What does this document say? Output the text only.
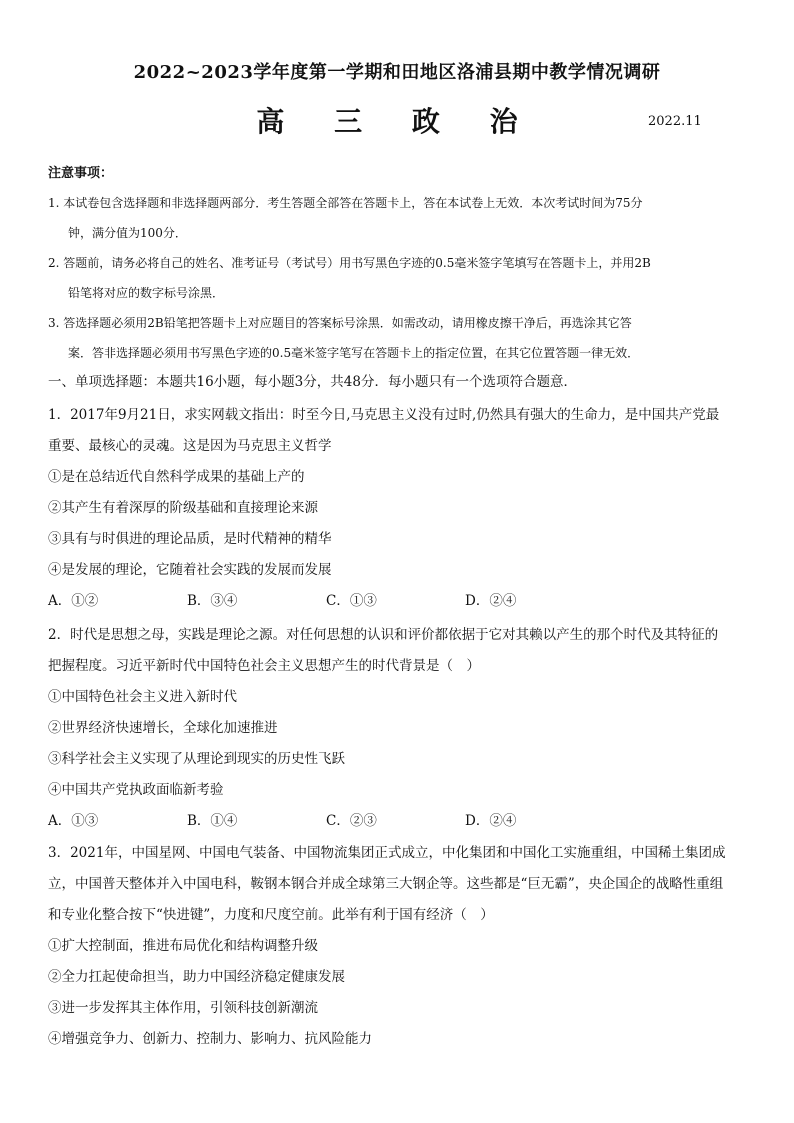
2022~2023学年度第一学期和田地区洛浦县期中教学情况调研
高 三 政 治	2022.11
注意事项：
1. 本试卷包含选择题和非选择题两部分．考生答题全部答在答题卡上，答在本试卷上无效．本次考试时间为75分
钟，满分值为100分．
2. 答题前，请务必将自己的姓名、准考证号（考试号）用书写黑色字迹的0.5毫米签字笔填写在答题卡上，并用2B
铅笔将对应的数字标号涂黑．
3. 答选择题必须用2B铅笔把答题卡上对应题目的答案标号涂黑．如需改动，请用橡皮擦干净后，再选涂其它答
案．答非选择题必须用书写黑色字迹的0.5毫米签字笔写在答题卡上的指定位置，在其它位置答题一律无效．
一、单项选择题：本题共16小题，每小题3分，共48分．每小题只有一个选项符合题意．
1．2017年9月21日，求实网载文指出：时至今日,马克思主义没有过时,仍然具有强大的生命力，是中国共产党最
重要、最核心的灵魂。这是因为马克思主义哲学
①是在总结近代自然科学成果的基础上产的
②其产生有着深厚的阶级基础和直接理论来源
③具有与时俱进的理论品质，是时代精神的精华
④是发展的理论，它随着社会实践的发展而发展
A．①②	B．③④	C．①③	D．②④
2．时代是思想之母，实践是理论之源。对任何思想的认识和评价都依据于它对其赖以产生的那个时代及其特征的
把握程度。习近平新时代中国特色社会主义思想产生的时代背景是（　）
①中国特色社会主义进入新时代
②世界经济快速增长，全球化加速推进
③科学社会主义实现了从理论到现实的历史性飞跃
④中国共产党执政面临新考验
A．①③	B．①④	C．②③	D．②④
3．2021年，中国星网、中国电气装备、中国物流集团正式成立，中化集团和中国化工实施重组，中国稀土集团成
立，中国普天整体并入中国电科，鞍钢本钢合并成全球第三大钢企等。这些都是“巨无霸”，央企国企的战略性重组
和专业化整合按下“快进键”，力度和尺度空前。此举有利于国有经济（　）
①扩大控制面，推进布局优化和结构调整升级
②全力扛起使命担当，助力中国经济稳定健康发展
③进一步发挥其主体作用，引领科技创新潮流
④增强竞争力、创新力、控制力、影响力、抗风险能力
